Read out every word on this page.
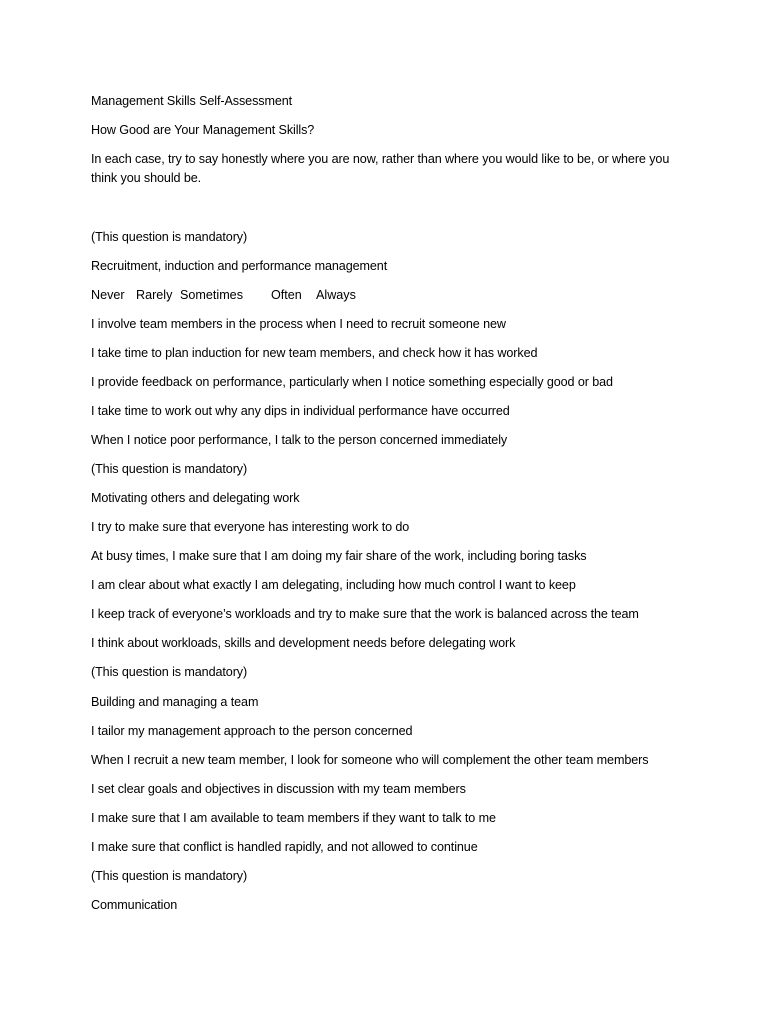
Management Skills Self-Assessment

How Good are Your Management Skills?

In each case, try to say honestly where you are now, rather than where you would like to be, or where you think you should be.

(This question is mandatory)

Recruitment, induction and performance management

Never Rarely Sometimes Often Always

I involve team members in the process when I need to recruit someone new

I take time to plan induction for new team members, and check how it has worked

I provide feedback on performance, particularly when I notice something especially good or bad

I take time to work out why any dips in individual performance have occurred

When I notice poor performance, I talk to the person concerned immediately

(This question is mandatory)

Motivating others and delegating work

I try to make sure that everyone has interesting work to do

At busy times, I make sure that I am doing my fair share of the work, including boring tasks

I am clear about what exactly I am delegating, including how much control I want to keep

I keep track of everyone’s workloads and try to make sure that the work is balanced across the team

I think about workloads, skills and development needs before delegating work

(This question is mandatory)

Building and managing a team

I tailor my management approach to the person concerned

When I recruit a new team member, I look for someone who will complement the other team members

I set clear goals and objectives in discussion with my team members

I make sure that I am available to team members if they want to talk to me

I make sure that conflict is handled rapidly, and not allowed to continue

(This question is mandatory)

Communication
